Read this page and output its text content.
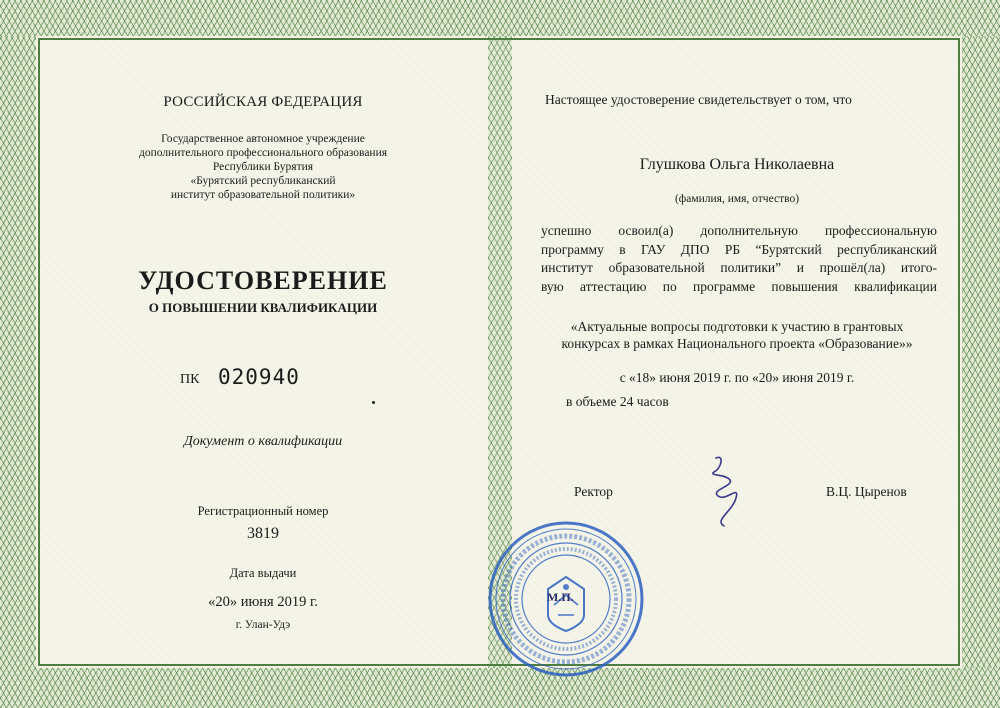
РОССИЙСКАЯ ФЕДЕРАЦИЯ
Государственное автономное учреждение
дополнительного профессионального образования
Республики Бурятия
«Бурятский республиканский
институт образовательной политики»
УДОСТОВЕРЕНИЕ
О ПОВЫШЕНИИ КВАЛИФИКАЦИИ
ПК 020940
Документ о квалификации
Регистрационный номер
3819
Дата выдачи
«20» июня 2019 г.
г. Улан-Удэ
Настоящее удостоверение свидетельствует о том, что
Глушкова Ольга Николаевна
(фамилия, имя, отчество)
успешно освоил(а) дополнительную профессиональную
программу в ГАУ ДПО РБ “Бурятский республиканский
институт образовательной политики” и прошёл(ла) итого-
вую аттестацию по программе повышения квалификации
«Актуальные вопросы подготовки к участию в грантовых
конкурсах в рамках Национального проекта «Образование»»
с «18» июня 2019 г. по «20» июня 2019 г.
в объеме 24 часов
Ректор	В.Ц. Цыренов
М.П.
